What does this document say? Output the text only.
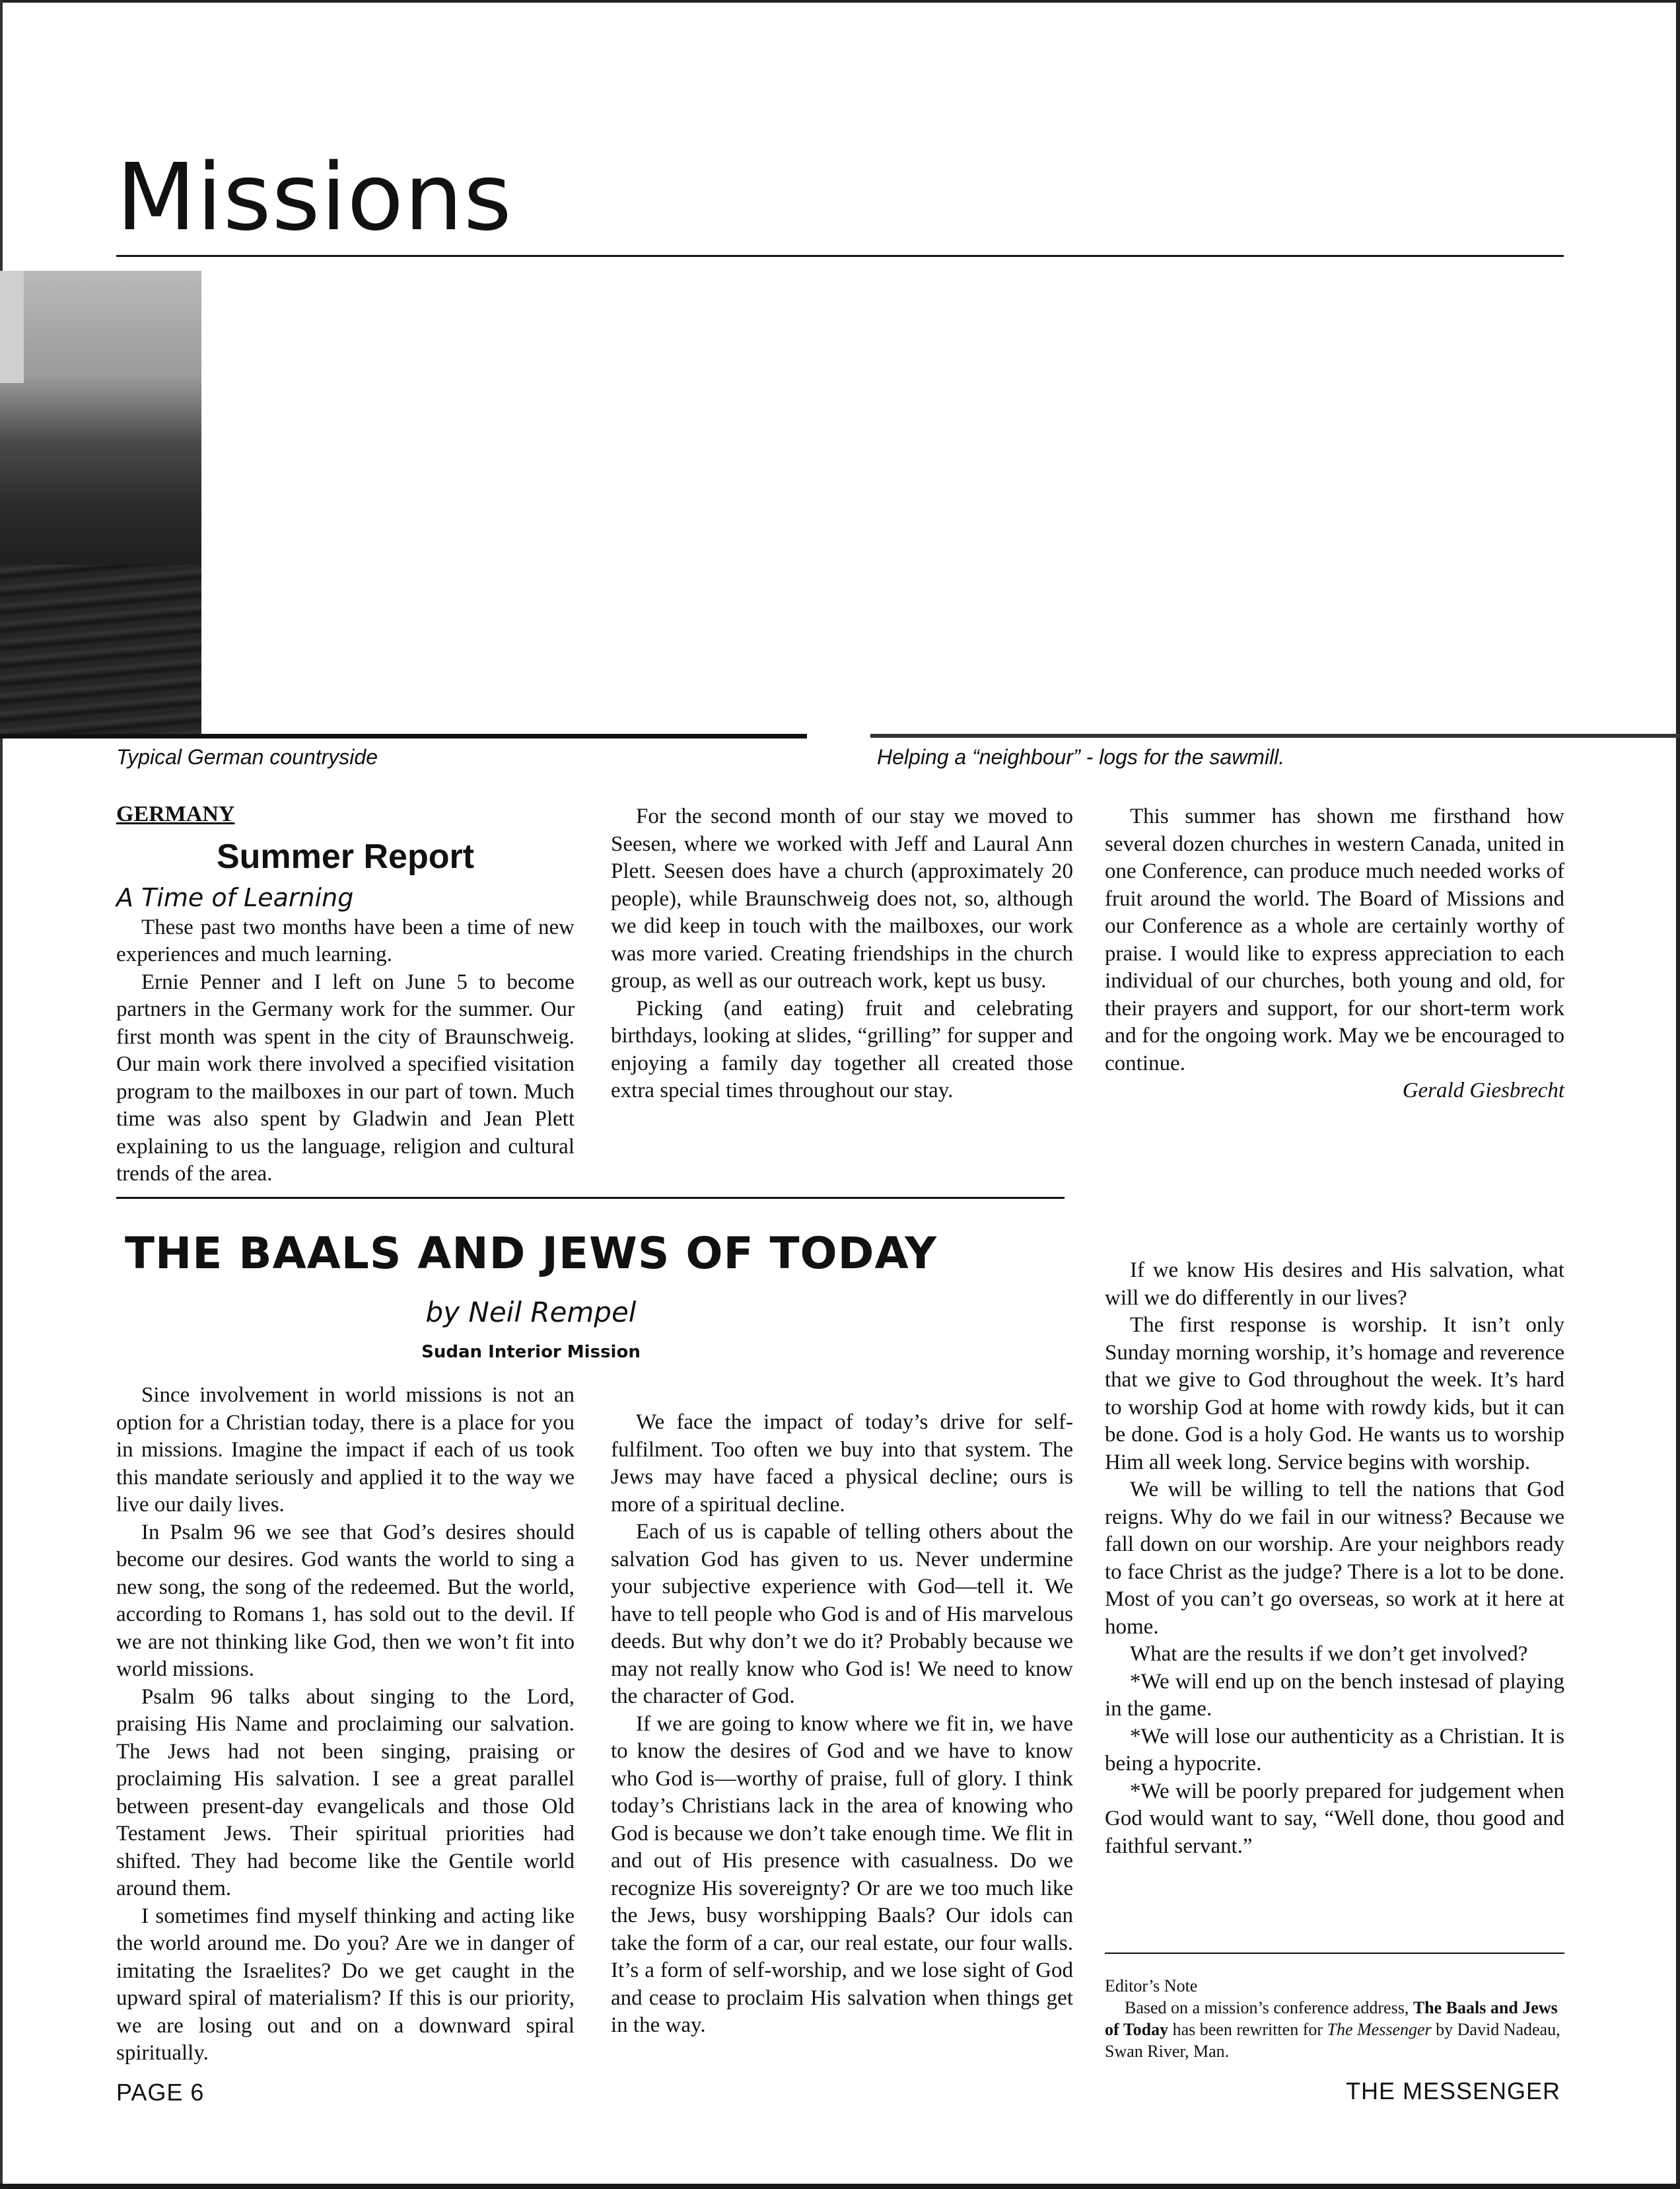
Missions
Typical German countryside	Helping a “neighbour” - logs for the sawmill.
GERMANY
Summer Report
A Time of Learning

These past two months have been a time of new experiences and much learning.

Ernie Penner and I left on June 5 to become partners in the Germany work for the summer. Our first month was spent in the city of Braunschweig. Our main work there involved a specified visitation program to the mailboxes in our part of town. Much time was also spent by Gladwin and Jean Plett explaining to us the language, religion and cultural trends of the area.

For the second month of our stay we moved to Seesen, where we worked with Jeff and Laural Ann Plett. Seesen does have a church (approximately 20 people), while Braunschweig does not, so, although we did keep in touch with the mailboxes, our work was more varied. Creating friendships in the church group, as well as our outreach work, kept us busy.

Picking (and eating) fruit and celebrating birthdays, looking at slides, “grilling” for supper and enjoying a family day together all created those extra special times throughout our stay.

This summer has shown me firsthand how several dozen churches in western Canada, united in one Conference, can produce much needed works of fruit around the world. The Board of Missions and our Conference as a whole are certainly worthy of praise. I would like to express appreciation to each individual of our churches, both young and old, for their prayers and support, for our short-term work and for the ongoing work. May we be encouraged to continue.

Gerald Giesbrecht

THE BAALS AND JEWS OF TODAY
by Neil Rempel
Sudan Interior Mission

Since involvement in world missions is not an option for a Christian today, there is a place for you in missions. Imagine the impact if each of us took this mandate seriously and applied it to the way we live our daily lives.

In Psalm 96 we see that God’s desires should become our desires. God wants the world to sing a new song, the song of the redeemed. But the world, according to Romans 1, has sold out to the devil. If we are not thinking like God, then we won’t fit into world missions.

Psalm 96 talks about singing to the Lord, praising His Name and proclaiming our salvation. The Jews had not been singing, praising or proclaiming His salvation. I see a great parallel between present-day evangelicals and those Old Testament Jews. Their spiritual priorities had shifted. They had become like the Gentile world around them.

I sometimes find myself thinking and acting like the world around me. Do you? Are we in danger of imitating the Israelites? Do we get caught in the upward spiral of materialism? If this is our priority, we are losing out and on a downward spiral spiritually.

We face the impact of today’s drive for self-fulfilment. Too often we buy into that system. The Jews may have faced a physical decline; ours is more of a spiritual decline.

Each of us is capable of telling others about the salvation God has given to us. Never undermine your subjective experience with God—tell it. We have to tell people who God is and of His marvelous deeds. But why don’t we do it? Probably because we may not really know who God is! We need to know the character of God.

If we are going to know where we fit in, we have to know the desires of God and we have to know who God is—worthy of praise, full of glory. I think today’s Christians lack in the area of knowing who God is because we don’t take enough time. We flit in and out of His presence with casualness. Do we recognize His sovereignty? Or are we too much like the Jews, busy worshipping Baals? Our idols can take the form of a car, our real estate, our four walls. It’s a form of self-worship, and we lose sight of God and cease to proclaim His salvation when things get in the way.

If we know His desires and His salvation, what will we do differently in our lives?

The first response is worship. It isn’t only Sunday morning worship, it’s homage and reverence that we give to God throughout the week. It’s hard to worship God at home with rowdy kids, but it can be done. God is a holy God. He wants us to worship Him all week long. Service begins with worship.

We will be willing to tell the nations that God reigns. Why do we fail in our witness? Because we fall down on our worship. Are your neighbors ready to face Christ as the judge? There is a lot to be done. Most of you can’t go overseas, so work at it here at home.

What are the results if we don’t get involved?

*We will end up on the bench instesad of playing in the game.

*We will lose our authenticity as a Christian. It is being a hypocrite.

*We will be poorly prepared for judgement when God would want to say, “Well done, thou good and faithful servant.”

Editor’s Note

Based on a mission’s conference address, The Baals and Jews of Today has been rewritten for The Messenger by David Nadeau, Swan River, Man.

PAGE 6	THE MESSENGER
